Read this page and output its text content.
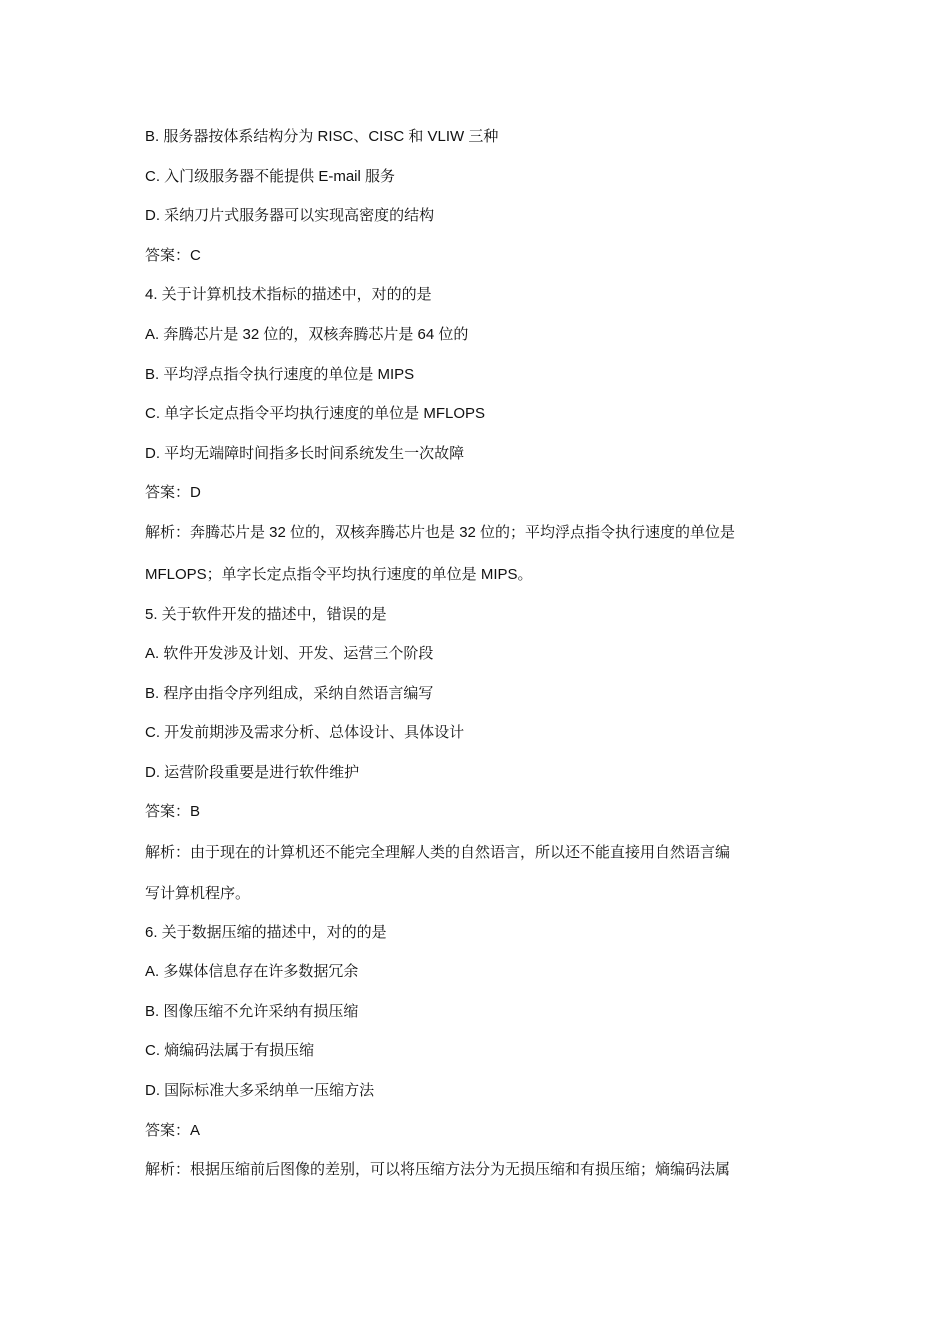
B. 服务器按体系结构分为 RISC、CISC 和 VLIW 三种
C. 入门级服务器不能提供 E-mail 服务
D. 采纳刀片式服务器可以实现高密度的结构
答案：C
4. 关于计算机技术指标的描述中，对的的是
A. 奔腾芯片是 32 位的，双核奔腾芯片是 64 位的
B. 平均浮点指令执行速度的单位是 MIPS
C. 单字长定点指令平均执行速度的单位是 MFLOPS
D. 平均无端障时间指多长时间系统发生一次故障
答案：D
解析：奔腾芯片是 32 位的，双核奔腾芯片也是 32 位的；平均浮点指令执行速度的单位是
MFLOPS；单字长定点指令平均执行速度的单位是 MIPS。
5. 关于软件开发的描述中，错误的是
A. 软件开发涉及计划、开发、运营三个阶段
B. 程序由指令序列组成，采纳自然语言编写
C. 开发前期涉及需求分析、总体设计、具体设计
D. 运营阶段重要是进行软件维护
答案：B
解析：由于现在的计算机还不能完全理解人类的自然语言，所以还不能直接用自然语言编
写计算机程序。
6. 关于数据压缩的描述中，对的的是
A. 多媒体信息存在许多数据冗余
B. 图像压缩不允许采纳有损压缩
C. 熵编码法属于有损压缩
D. 国际标准大多采纳单一压缩方法
答案：A
解析：根据压缩前后图像的差别，可以将压缩方法分为无损压缩和有损压缩；熵编码法属
